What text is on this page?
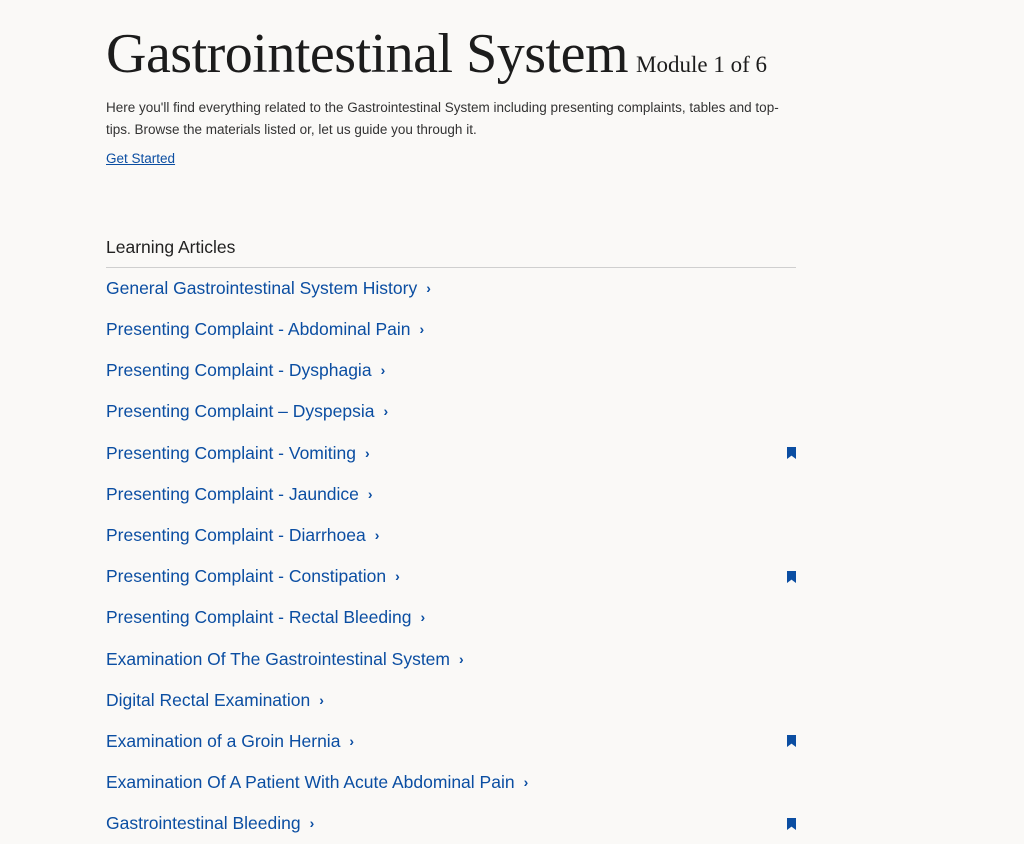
Gastrointestinal System Module 1 of 6
Here you'll find everything related to the Gastrointestinal System including presenting complaints, tables and top-tips. Browse the materials listed or, let us guide you through it.
Get Started
Learning Articles
General Gastrointestinal System History ›
Presenting Complaint - Abdominal Pain ›
Presenting Complaint - Dysphagia ›
Presenting Complaint – Dyspepsia ›
Presenting Complaint - Vomiting ›
Presenting Complaint - Jaundice ›
Presenting Complaint - Diarrhoea ›
Presenting Complaint - Constipation ›
Presenting Complaint - Rectal Bleeding ›
Examination Of The Gastrointestinal System ›
Digital Rectal Examination ›
Examination of a Groin Hernia ›
Examination Of A Patient With Acute Abdominal Pain ›
Gastrointestinal Bleeding ›
